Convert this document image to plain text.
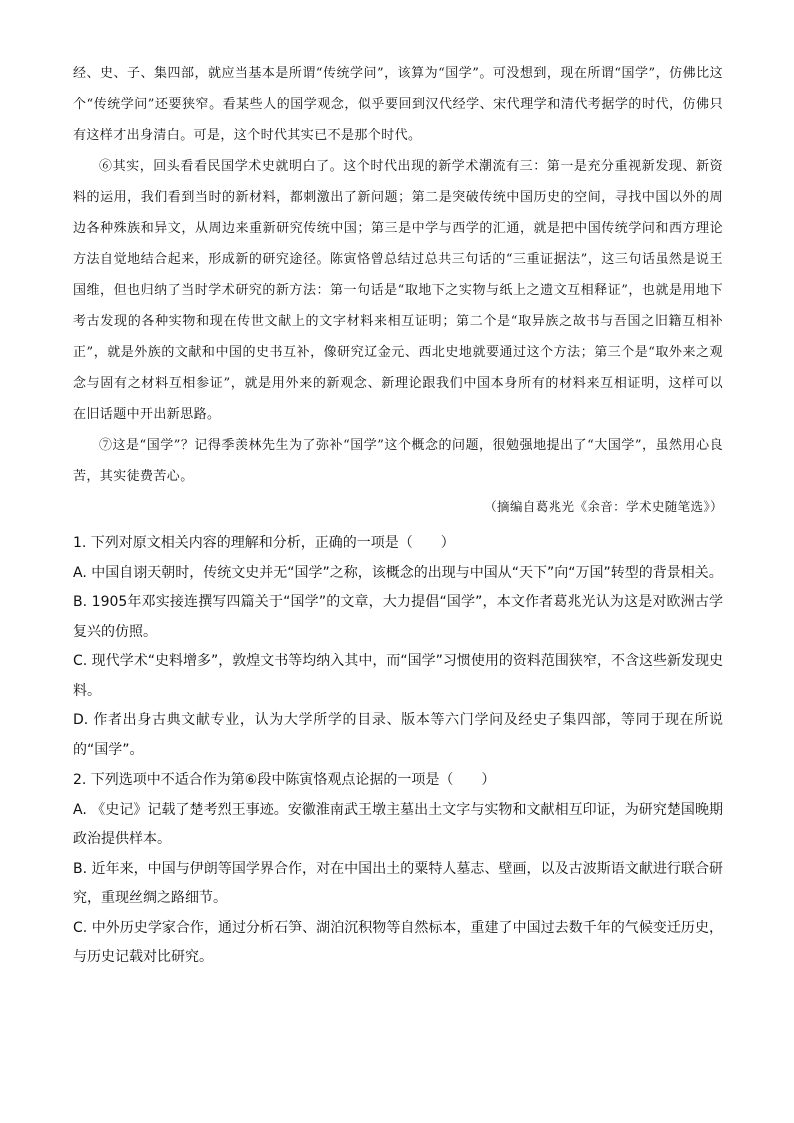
经、史、子、集四部，就应当基本是所谓“传统学问”，该算为“国学”。可没想到，现在所谓“国学”，仿佛比这个“传统学问”还要狭窄。看某些人的国学观念，似乎要回到汉代经学、宋代理学和清代考据学的时代，仿佛只有这样才出身清白。可是，这个时代其实已不是那个时代。

⑥其实，回头看看民国学术史就明白了。这个时代出现的新学术潮流有三：第一是充分重视新发现、新资料的运用，我们看到当时的新材料，都刺激出了新问题；第二是突破传统中国历史的空间，寻找中国以外的周边各种殊族和异文，从周边来重新研究传统中国；第三是中学与西学的汇通，就是把中国传统学问和西方理论方法自觉地结合起来，形成新的研究途径。陈寅恪曾总结过总共三句话的“三重证据法”，这三句话虽然是说王国维，但也归纳了当时学术研究的新方法：第一句话是“取地下之实物与纸上之遗文互相释证”，也就是用地下考古发现的各种实物和现在传世文献上的文字材料来相互证明；第二个是“取异族之故书与吾国之旧籍互相补正”，就是外族的文献和中国的史书互补，像研究辽金元、西北史地就要通过这个方法；第三个是“取外来之观念与固有之材料互相参证”，就是用外来的新观念、新理论跟我们中国本身所有的材料来互相证明，这样可以在旧话题中开出新思路。

⑦这是“国学”？记得季羡林先生为了弥补“国学”这个概念的问题，很勉强地提出了“大国学”，虽然用心良苦，其实徒费苦心。

（摘编自葛兆光《余音：学术史随笔选》）

1. 下列对原文相关内容的理解和分析，正确的一项是（　　）

A. 中国自诩天朝时，传统文史并无“国学”之称，该概念的出现与中国从“天下”向“万国”转型的背景相关。

B. 1905年邓实接连撰写四篇关于“国学”的文章，大力提倡“国学”，本文作者葛兆光认为这是对欧洲古学复兴的仿照。

C. 现代学术“史料增多”，敦煌文书等均纳入其中，而“国学”习惯使用的资料范围狭窄，不含这些新发现史料。

D. 作者出身古典文献专业，认为大学所学的目录、版本等六门学问及经史子集四部，等同于现在所说的“国学”。

2. 下列选项中不适合作为第⑥段中陈寅恪观点论据的一项是（　　）

A. 《史记》记载了楚考烈王事迹。安徽淮南武王墩主墓出土文字与实物和文献相互印证，为研究楚国晚期政治提供样本。

B. 近年来，中国与伊朗等国学界合作，对在中国出土的粟特人墓志、壁画，以及古波斯语文献进行联合研究，重现丝绸之路细节。

C. 中外历史学家合作，通过分析石笋、湖泊沉积物等自然标本，重建了中国过去数千年的气候变迁历史，与历史记载对比研究。
